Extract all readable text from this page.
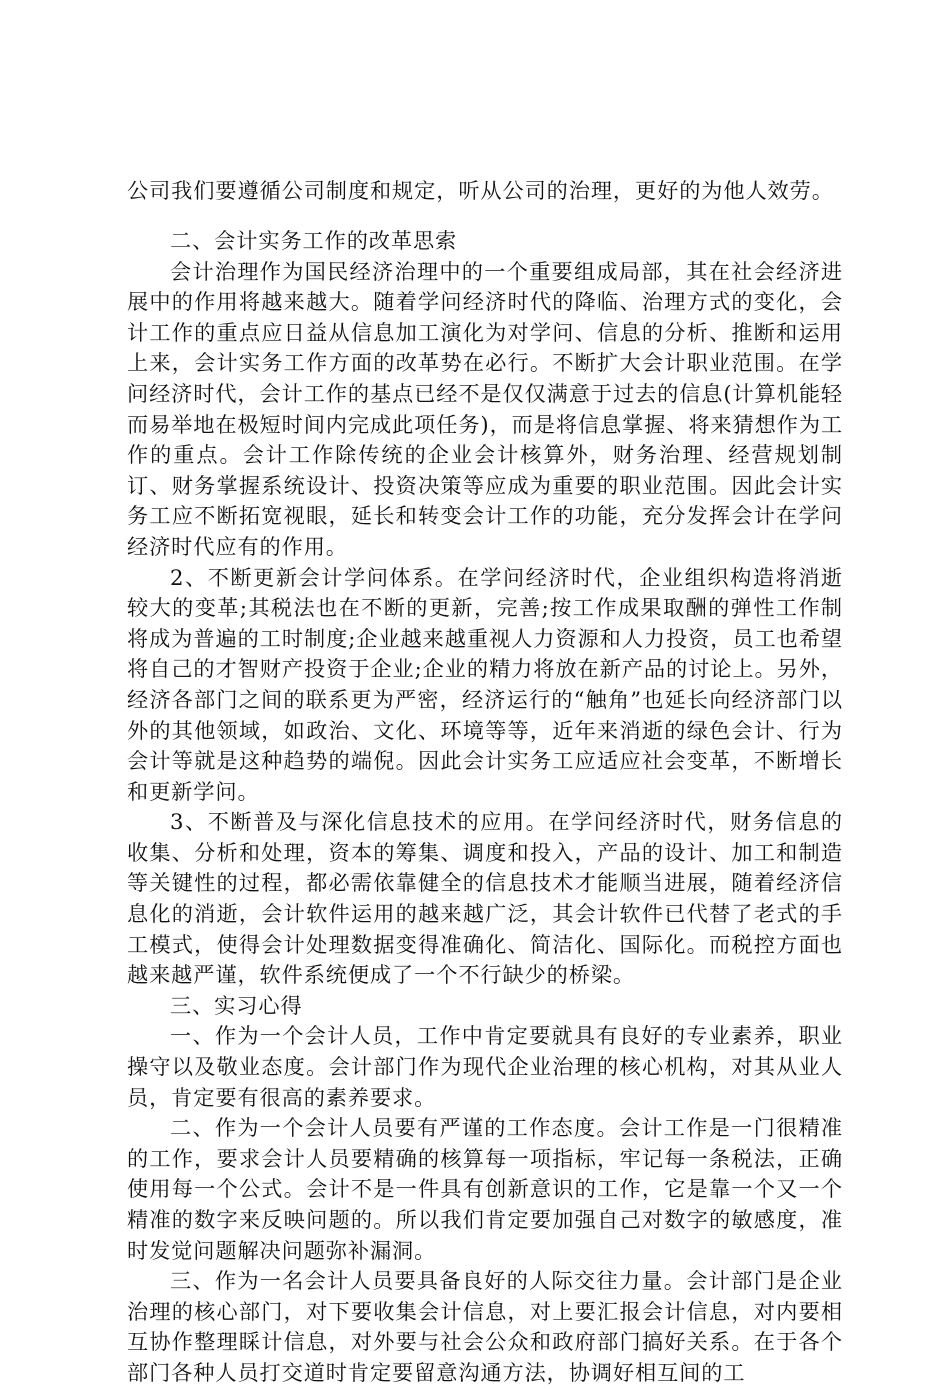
公司我们要遵循公司制度和规定，听从公司的治理，更好的为他人效劳。

二、会计实务工作的改革思索

会计治理作为国民经济治理中的一个重要组成局部，其在社会经济进展中的作用将越来越大。随着学问经济时代的降临、治理方式的变化，会计工作的重点应日益从信息加工演化为对学问、信息的分析、推断和运用上来，会计实务工作方面的改革势在必行。不断扩大会计职业范围。在学问经济时代，会计工作的基点已经不是仅仅满意于过去的信息(计算机能轻而易举地在极短时间内完成此项任务)，而是将信息掌握、将来猜想作为工作的重点。会计工作除传统的企业会计核算外，财务治理、经营规划制订、财务掌握系统设计、投资决策等应成为重要的职业范围。因此会计实务工应不断拓宽视眼，延长和转变会计工作的功能，充分发挥会计在学问经济时代应有的作用。

2、不断更新会计学问体系。在学问经济时代，企业组织构造将消逝较大的变革;其税法也在不断的更新，完善;按工作成果取酬的弹性工作制将成为普遍的工时制度;企业越来越重视人力资源和人力投资，员工也希望将自己的才智财产投资于企业;企业的精力将放在新产品的讨论上。另外，经济各部门之间的联系更为严密，经济运行的“触角”也延长向经济部门以外的其他领域，如政治、文化、环境等等，近年来消逝的绿色会计、行为会计等就是这种趋势的端倪。因此会计实务工应适应社会变革，不断增长和更新学问。

3、不断普及与深化信息技术的应用。在学问经济时代，财务信息的收集、分析和处理，资本的筹集、调度和投入，产品的设计、加工和制造等关键性的过程，都必需依靠健全的信息技术才能顺当进展，随着经济信息化的消逝，会计软件运用的越来越广泛，其会计软件已代替了老式的手工模式，使得会计处理数据变得准确化、简洁化、国际化。而税控方面也越来越严谨，软件系统便成了一个不行缺少的桥梁。

三、实习心得

一、作为一个会计人员，工作中肯定要就具有良好的专业素养，职业操守以及敬业态度。会计部门作为现代企业治理的核心机构，对其从业人员，肯定要有很高的素养要求。

二、作为一个会计人员要有严谨的工作态度。会计工作是一门很精准的工作，要求会计人员要精确的核算每一项指标，牢记每一条税法，正确使用每一个公式。会计不是一件具有创新意识的工作，它是靠一个又一个精准的数字来反映问题的。所以我们肯定要加强自己对数字的敏感度，准时发觉问题解决问题弥补漏洞。

三、作为一名会计人员要具备良好的人际交往力量。会计部门是企业治理的核心部门，对下要收集会计信息，对上要汇报会计信息，对内要相互协作整理睬计信息，对外要与社会公众和政府部门搞好关系。在于各个部门各种人员打交道时肯定要留意沟通方法，协调好相互间的工
